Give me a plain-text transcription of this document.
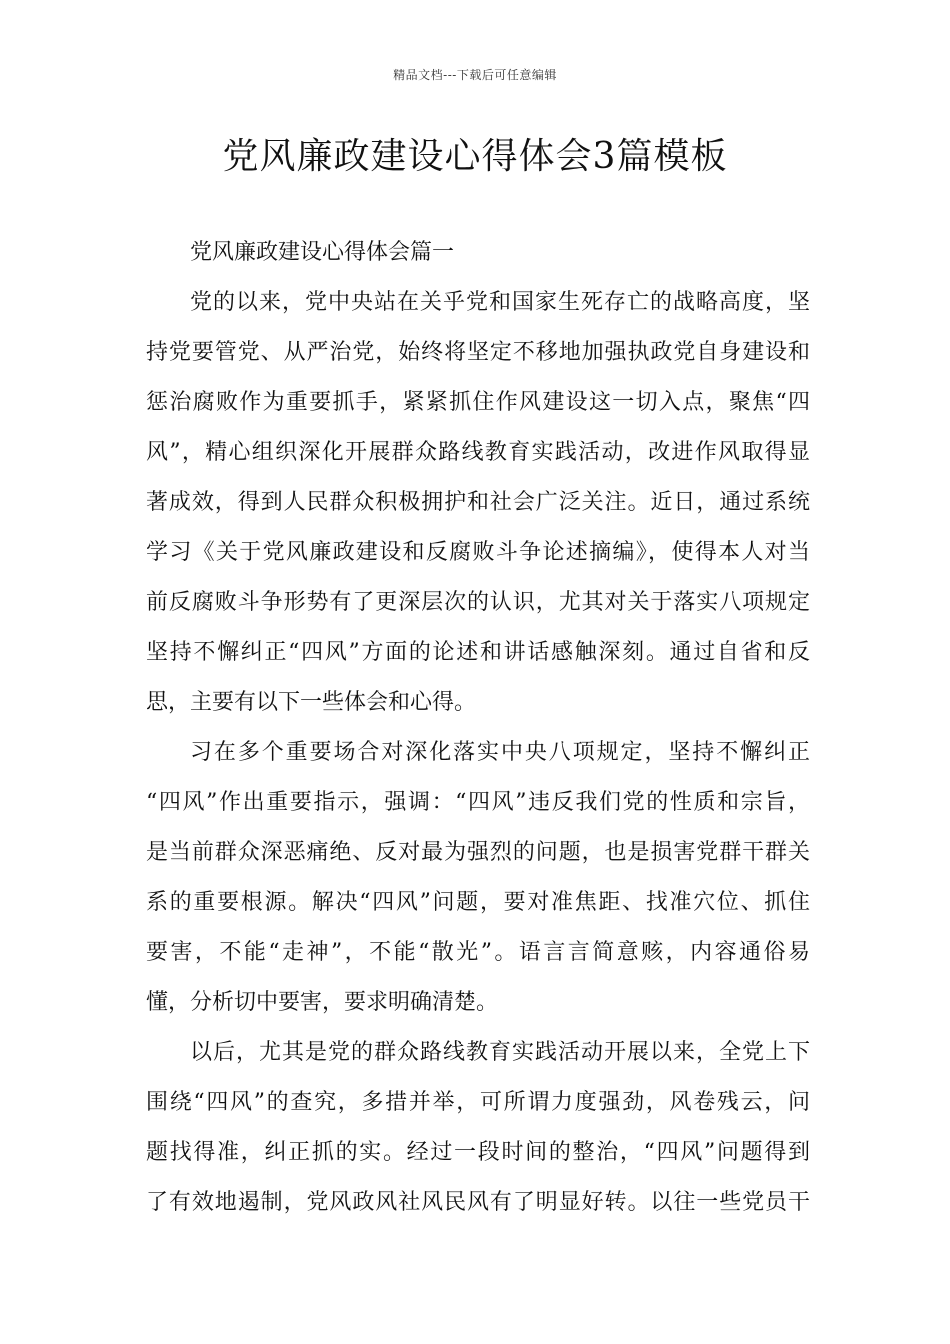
精品文档---下载后可任意编辑
党风廉政建设心得体会3篇模板
党风廉政建设心得体会篇一
党的以来，党中央站在关乎党和国家生死存亡的战略高度，坚
持党要管党、从严治党，始终将坚定不移地加强执政党自身建设和
惩治腐败作为重要抓手，紧紧抓住作风建设这一切入点，聚焦“四
风”，精心组织深化开展群众路线教育实践活动，改进作风取得显
著成效，得到人民群众积极拥护和社会广泛关注。近日，通过系统
学习《关于党风廉政建设和反腐败斗争论述摘编》，使得本人对当
前反腐败斗争形势有了更深层次的认识，尤其对关于落实八项规定
坚持不懈纠正“四风”方面的论述和讲话感触深刻。通过自省和反
思，主要有以下一些体会和心得。
习在多个重要场合对深化落实中央八项规定，坚持不懈纠正
“四风”作出重要指示，强调：“四风”违反我们党的性质和宗旨，
是当前群众深恶痛绝、反对最为强烈的问题，也是损害党群干群关
系的重要根源。解决“四风”问题，要对准焦距、找准穴位、抓住
要害，不能“走神”，不能“散光”。语言言简意赅，内容通俗易
懂，分析切中要害，要求明确清楚。
以后，尤其是党的群众路线教育实践活动开展以来，全党上下
围绕“四风”的查究，多措并举，可所谓力度强劲，风卷残云，问
题找得准，纠正抓的实。经过一段时间的整治，“四风”问题得到
了有效地遏制，党风政风社风民风有了明显好转。以往一些党员干
